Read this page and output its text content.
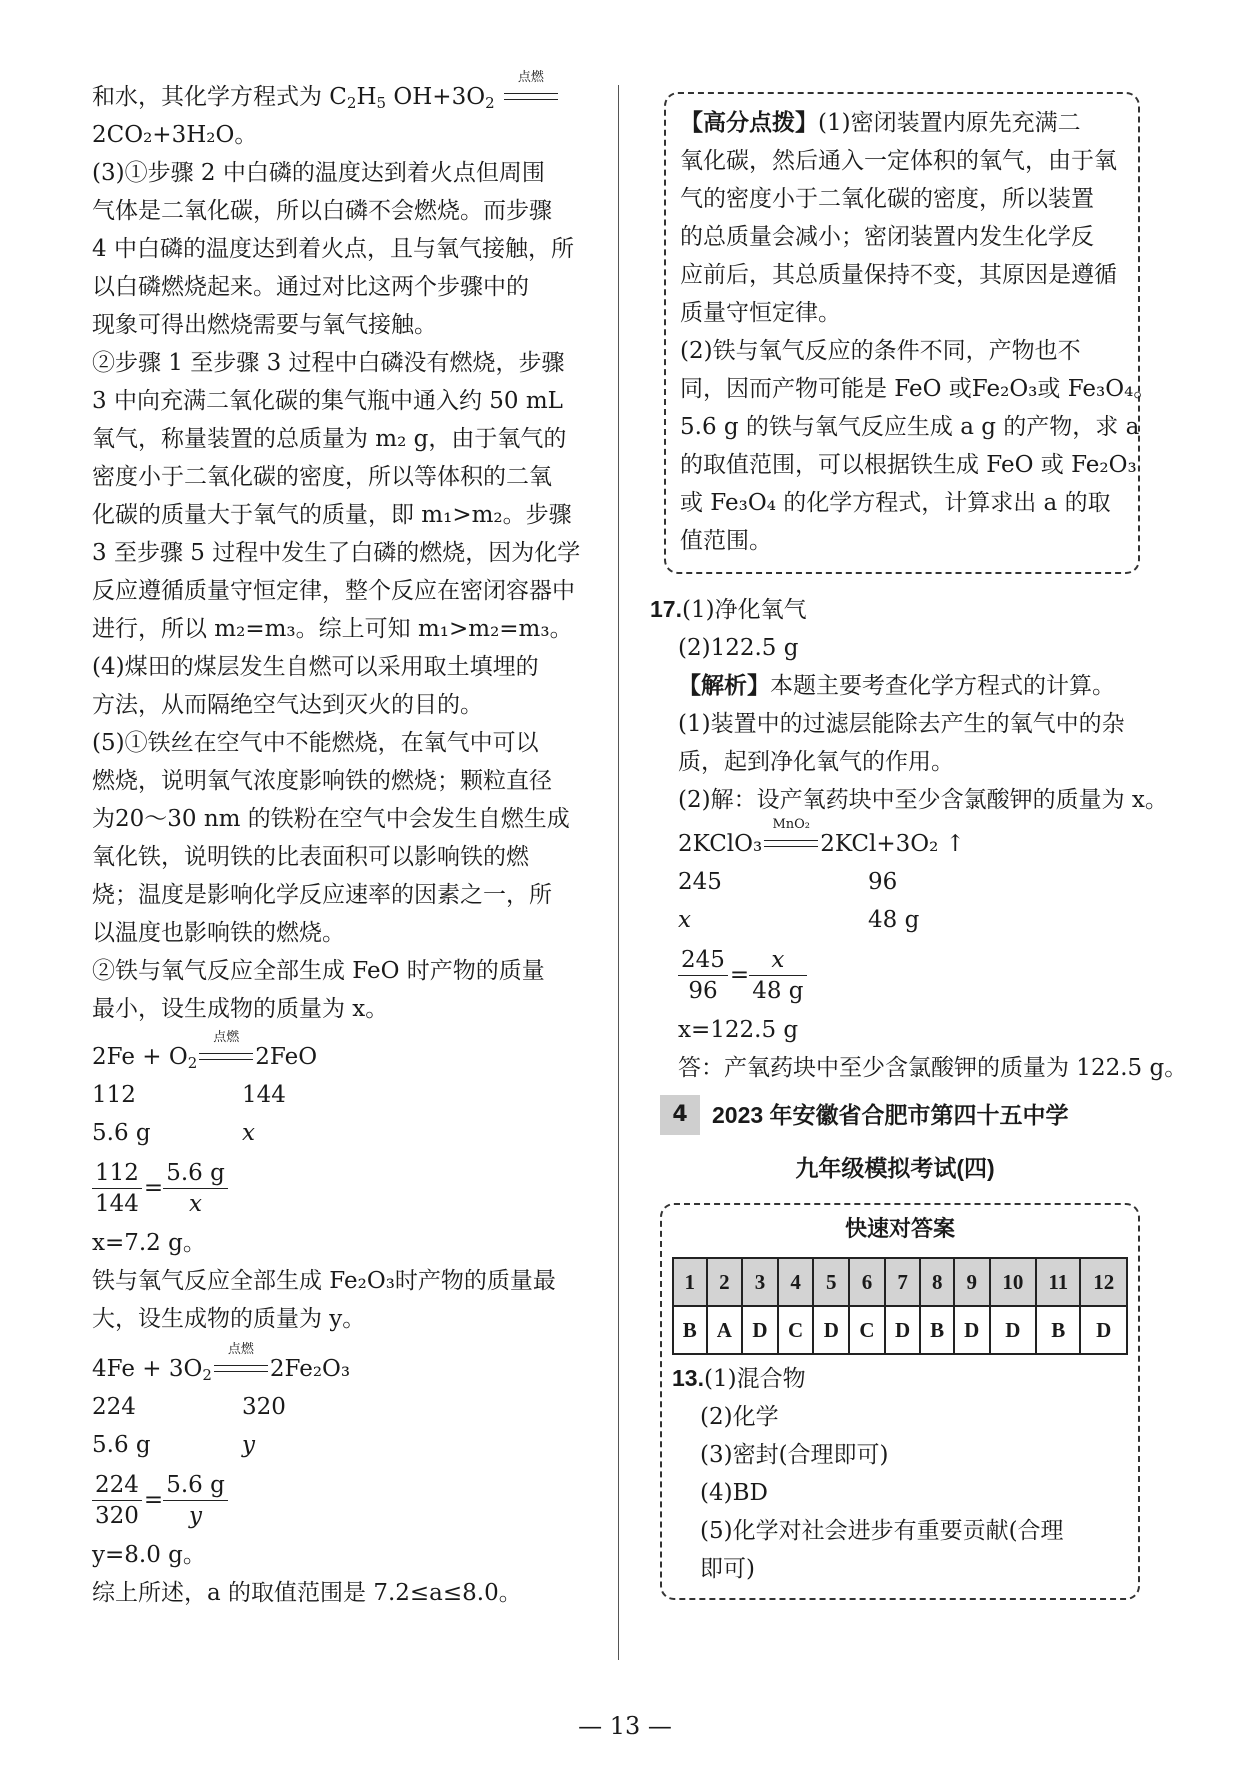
和水，其化学方程式为 $C_2H_5$ $OH+3O_2$
点燃
2CO₂+3H₂O。
(3)①步骤 2 中白磷的温度达到着火点但周围
气体是二氧化碳，所以白磷不会燃烧。而步骤
4 中白磷的温度达到着火点，且与氧气接触，所
以白磷燃烧起来。通过对比这两个步骤中的
现象可得出燃烧需要与氧气接触。
②步骤 1 至步骤 3 过程中白磷没有燃烧，步骤
3 中向充满二氧化碳的集气瓶中通入约 50 mL
氧气，称量装置的总质量为 m₂ g，由于氧气的
密度小于二氧化碳的密度，所以等体积的二氧
化碳的质量大于氧气的质量，即 m₁>m₂。步骤
3 至步骤 5 过程中发生了白磷的燃烧，因为化学
反应遵循质量守恒定律，整个反应在密闭容器中
进行，所以 m₂=m₃。综上可知 m₁>m₂=m₃。
(4)煤田的煤层发生自燃可以采用取土填埋的
方法，从而隔绝空气达到灭火的目的。
(5)①铁丝在空气中不能燃烧，在氧气中可以
燃烧，说明氧气浓度影响铁的燃烧；颗粒直径
为20～30 nm 的铁粉在空气中会发生自燃生成
氧化铁，说明铁的比表面积可以影响铁的燃
烧；温度是影响化学反应速率的因素之一，所
以温度也影响铁的燃烧。
②铁与氧气反应全部生成 FeO 时产物的质量
最小，设生成物的质量为 x。
$2Fe + O_2$
点燃
2FeO
112	144
5.6 g	x
$\frac{112}{144} = \frac{5.6 g}{x}$
x=7.2 g。
铁与氧气反应全部生成 Fe₂O₃时产物的质量最
大，设生成物的质量为 y。
$4Fe + 3O_2$
点燃
2Fe₂O₃
224	320
5.6 g	y
$\frac{224}{320} = \frac{5.6 g}{y}$
y=8.0 g。
综上所述，a 的取值范围是 7.2≤a≤8.0。
【高分点拨】(1)密闭装置内原先充满二
氧化碳，然后通入一定体积的氧气，由于氧
气的密度小于二氧化碳的密度，所以装置
的总质量会减小；密闭装置内发生化学反
应前后，其总质量保持不变，其原因是遵循
质量守恒定律。
(2)铁与氧气反应的条件不同，产物也不
同，因而产物可能是 FeO 或Fe₂O₃或 Fe₃O₄。
5.6 g 的铁与氧气反应生成 a g 的产物，求 a
的取值范围，可以根据铁生成 FeO 或 Fe₂O₃
或 Fe₃O₄ 的化学方程式，计算求出 a 的取
值范围。
17.(1)净化氧气
(2)122.5 g
【解析】本题主要考查化学方程式的计算。
(1)装置中的过滤层能除去产生的氧气中的杂
质，起到净化氧气的作用。
(2)解：设产氧药块中至少含氯酸钾的质量为 x。
2KClO₃
MnO₂
2KCl+3O₂ ↑
245	96
x	48 g
$\frac{245}{96} = \frac{x}{48 g}$
x=122.5 g
答：产氧药块中至少含氯酸钾的质量为 122.5 g。
4	2023 年安徽省合肥市第四十五中学
九年级模拟考试(四)
快速对答案
1	2	3	4	5	6	7	8	9	10	11	12
B	A	D	C	D	C	D	B	D	D	B	D
13.(1)混合物
(2)化学
(3)密封(合理即可)
(4)BD
(5)化学对社会进步有重要贡献(合理
即可)
— 13 —
